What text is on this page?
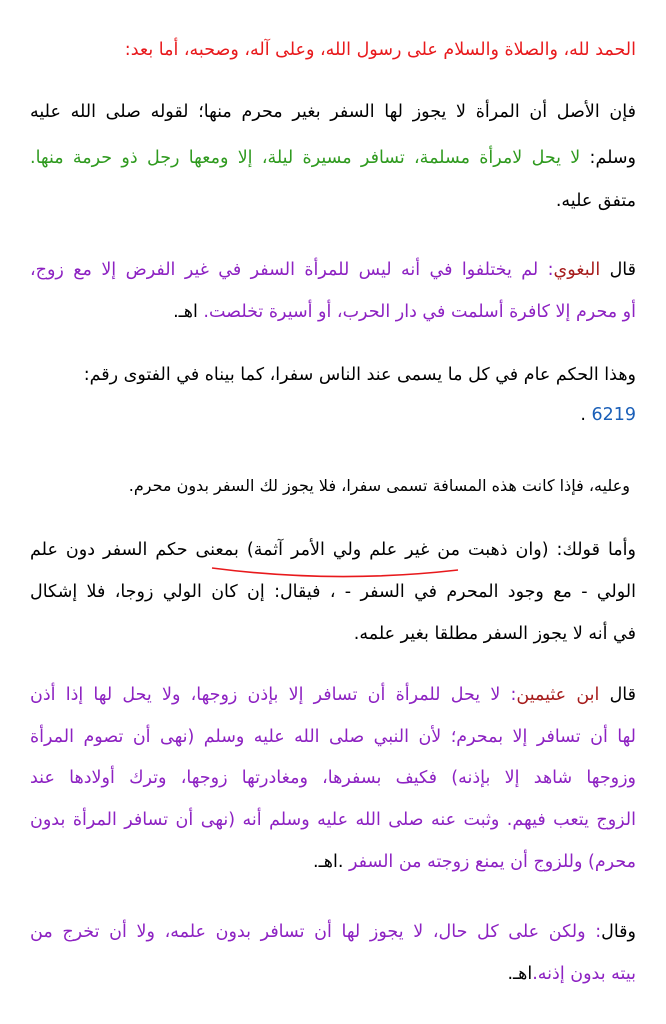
الحمد لله، والصلاة والسلام على رسول الله، وعلى آله، وصحبه، أما بعد:

فإن الأصل أن المرأة لا يجوز لها السفر بغير محرم منها؛ لقوله صلى الله عليه

وسلم: لا يحل لامرأة مسلمة، تسافر مسيرة ليلة، إلا ومعها رجل ذو حرمة منها.

متفق عليه.

قال البغوي: لم يختلفوا في أنه ليس للمرأة السفر في غير الفرض إلا مع زوج،

أو محرم إلا كافرة أسلمت في دار الحرب، أو أسيرة تخلصت. اهـ.

وهذا الحكم عام في كل ما يسمى عند الناس سفرا، كما بيناه في الفتوى رقم:

6219 .

وعليه، فإذا كانت هذه المسافة تسمى سفرا، فلا يجوز لك السفر بدون محرم.

وأما قولك: (وان ذهبت من غير علم ولي الأمر آثمة) بمعنى حكم السفر دون علم

الولي - مع وجود المحرم في السفر - ، فيقال: إن كان الولي زوجا، فلا إشكال

في أنه لا يجوز السفر مطلقا بغير علمه.

قال ابن عثيمين: لا يحل للمرأة أن تسافر إلا بإذن زوجها، ولا يحل لها إذا أذن

لها أن تسافر إلا بمحرم؛ لأن النبي صلى الله عليه وسلم (نهى أن تصوم المرأة

وزوجها شاهد إلا بإذنه) فكيف بسفرها، ومغادرتها زوجها، وترك أولادها عند

الزوج يتعب فيهم. وثبت عنه صلى الله عليه وسلم أنه (نهى أن تسافر المرأة بدون

محرم) وللزوج أن يمنع زوجته من السفر .اهـ.

وقال: ولكن على كل حال، لا يجوز لها أن تسافر بدون علمه، ولا أن تخرج من

بيته بدون إذنه.اهـ.
